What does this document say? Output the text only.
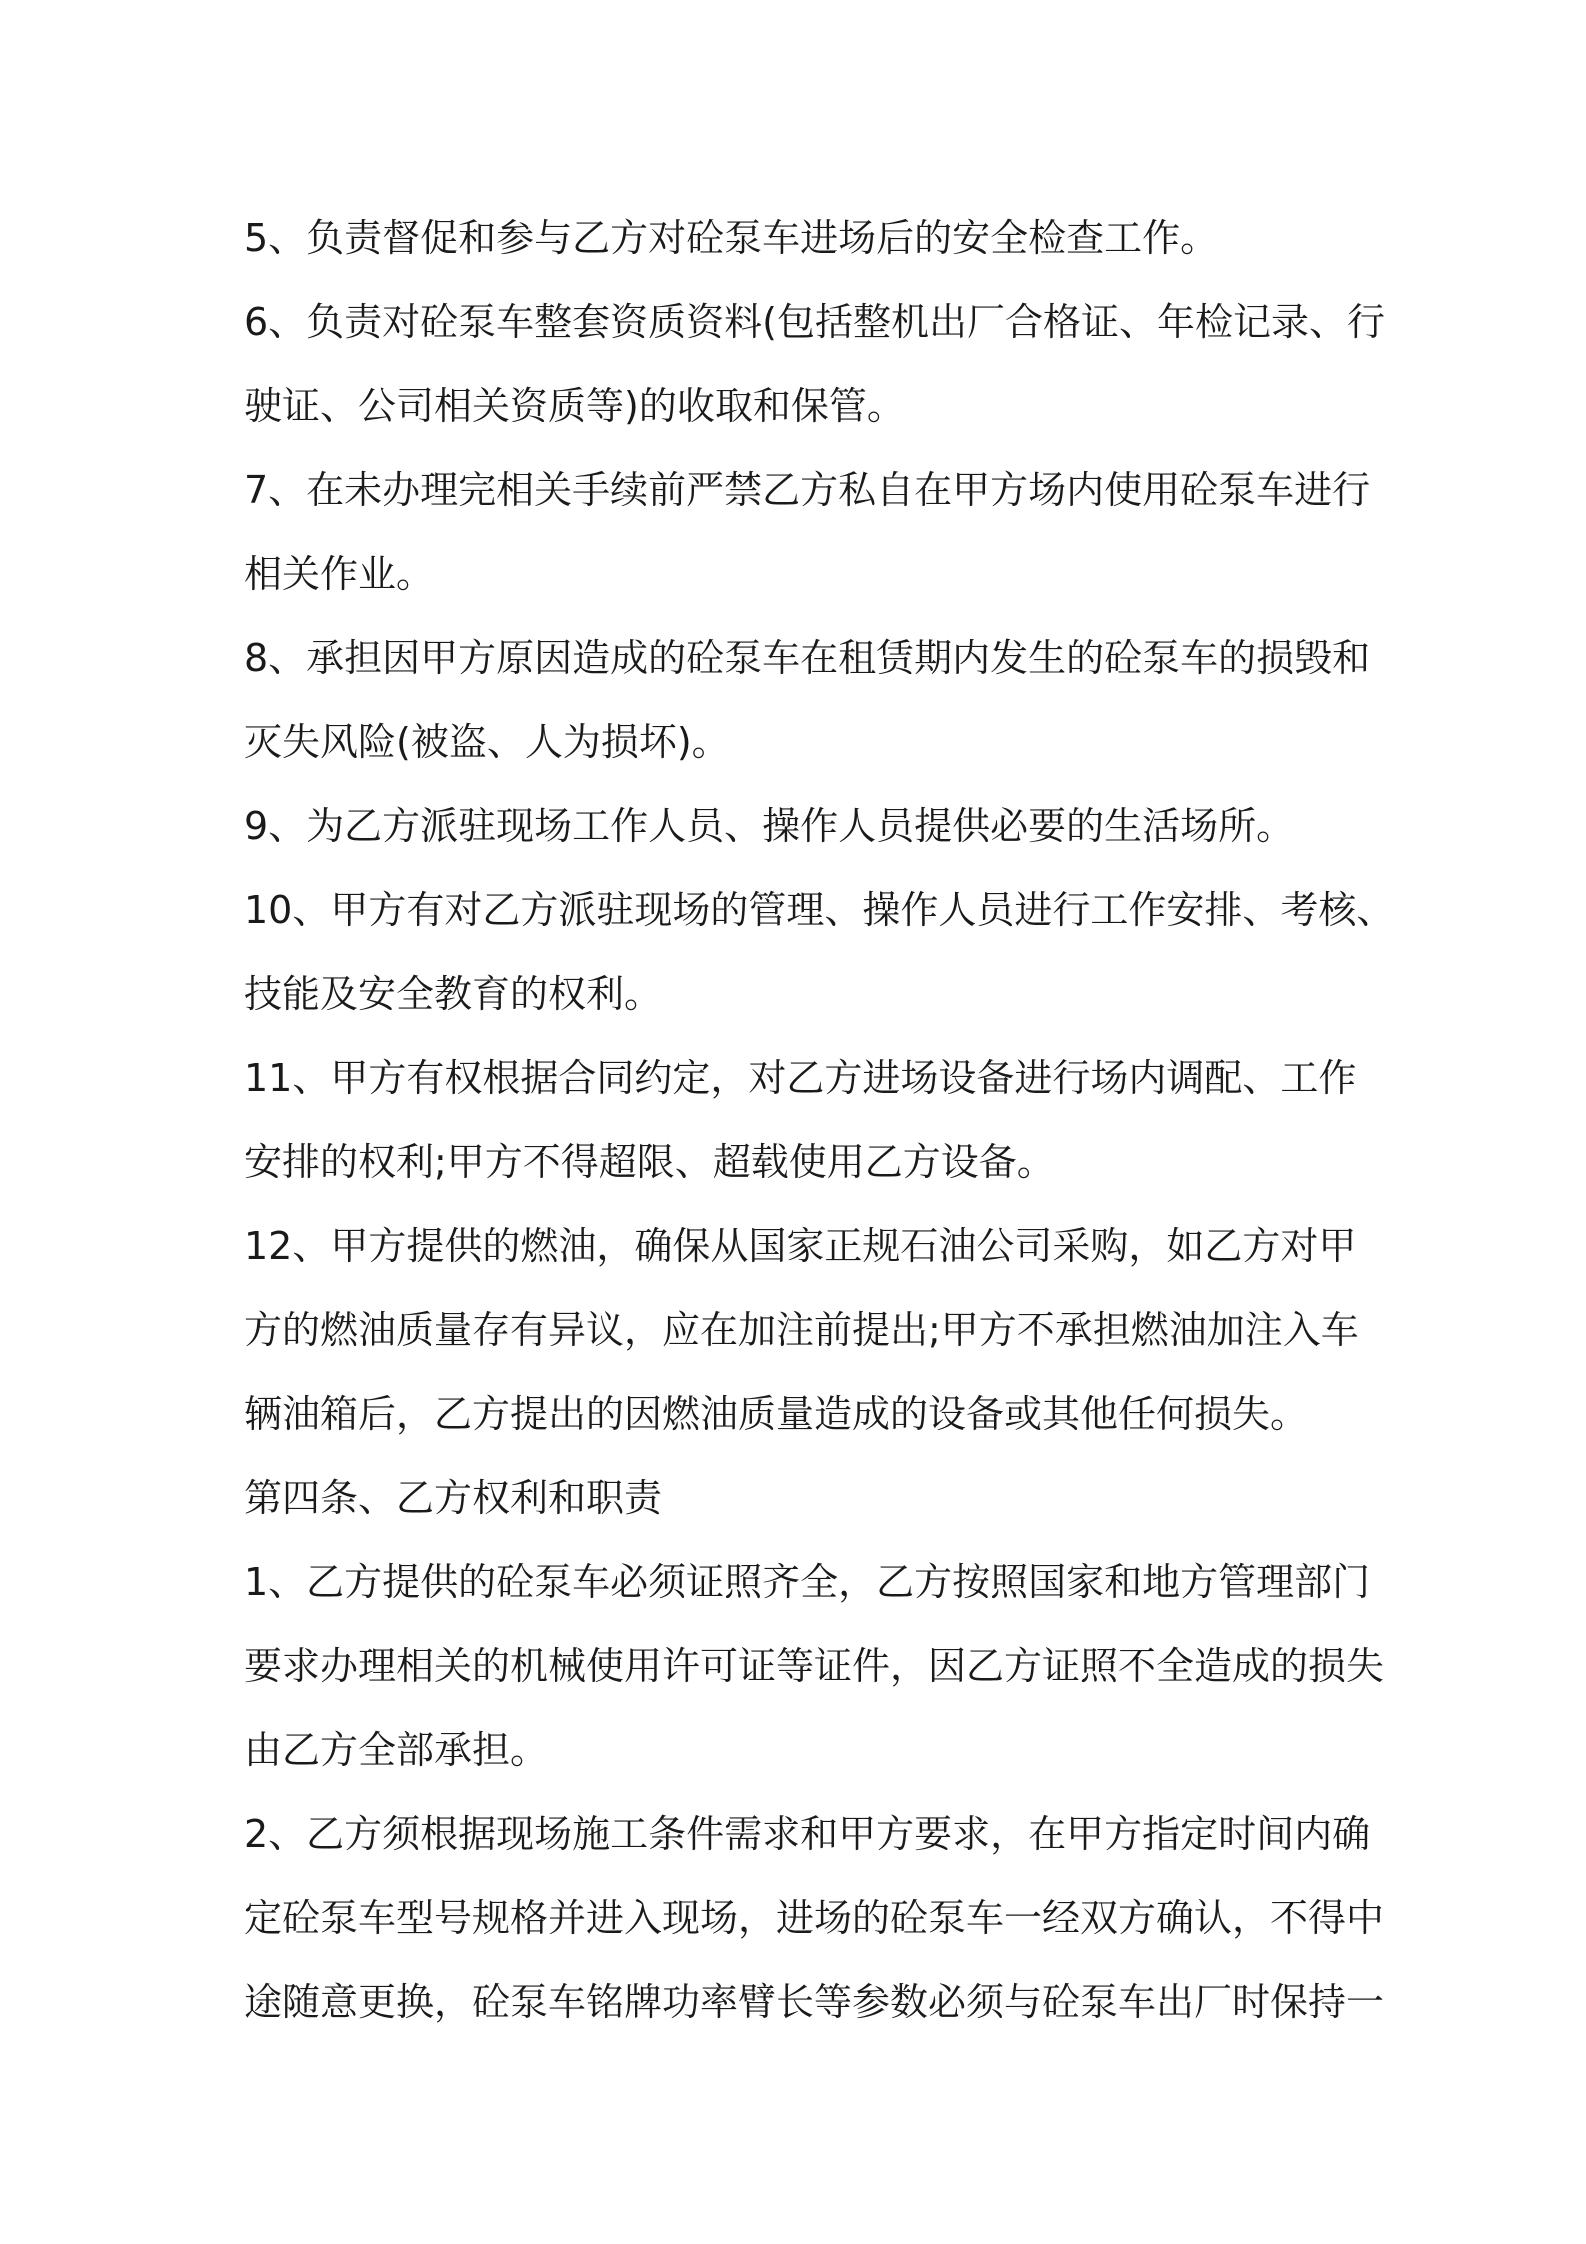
5、负责督促和参与乙方对砼泵车进场后的安全检查工作。
6、负责对砼泵车整套资质资料(包括整机出厂合格证、年检记录、行
驶证、公司相关资质等)的收取和保管。
7、在未办理完相关手续前严禁乙方私自在甲方场内使用砼泵车进行
相关作业。
8、承担因甲方原因造成的砼泵车在租赁期内发生的砼泵车的损毁和
灭失风险(被盗、人为损坏)。
9、为乙方派驻现场工作人员、操作人员提供必要的生活场所。
10、甲方有对乙方派驻现场的管理、操作人员进行工作安排、考核、
技能及安全教育的权利。
11、甲方有权根据合同约定，对乙方进场设备进行场内调配、工作
安排的权利;甲方不得超限、超载使用乙方设备。
12、甲方提供的燃油，确保从国家正规石油公司采购，如乙方对甲
方的燃油质量存有异议，应在加注前提出;甲方不承担燃油加注入车
辆油箱后，乙方提出的因燃油质量造成的设备或其他任何损失。
第四条、乙方权利和职责
1、乙方提供的砼泵车必须证照齐全，乙方按照国家和地方管理部门
要求办理相关的机械使用许可证等证件，因乙方证照不全造成的损失
由乙方全部承担。
2、乙方须根据现场施工条件需求和甲方要求，在甲方指定时间内确
定砼泵车型号规格并进入现场，进场的砼泵车一经双方确认，不得中
途随意更换，砼泵车铭牌功率臂长等参数必须与砼泵车出厂时保持一
